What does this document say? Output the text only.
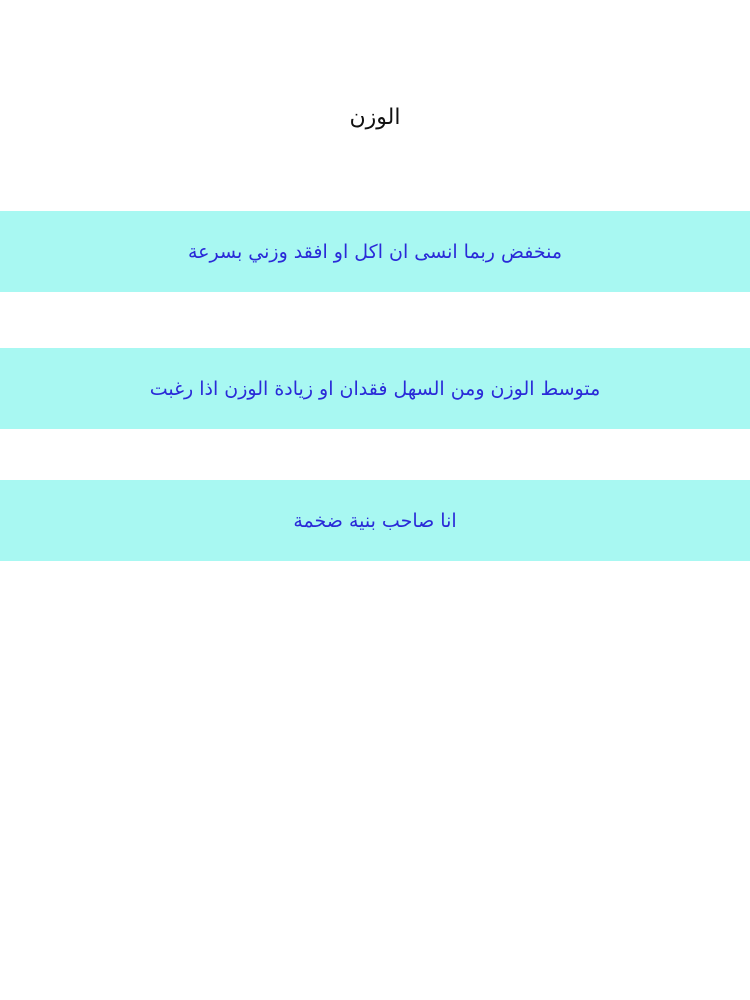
الوزن
منخفض ربما انسى ان اكل او افقد وزني بسرعة
متوسط الوزن ومن السهل فقدان او زيادة الوزن اذا رغبت
انا صاحب بنية ضخمة
